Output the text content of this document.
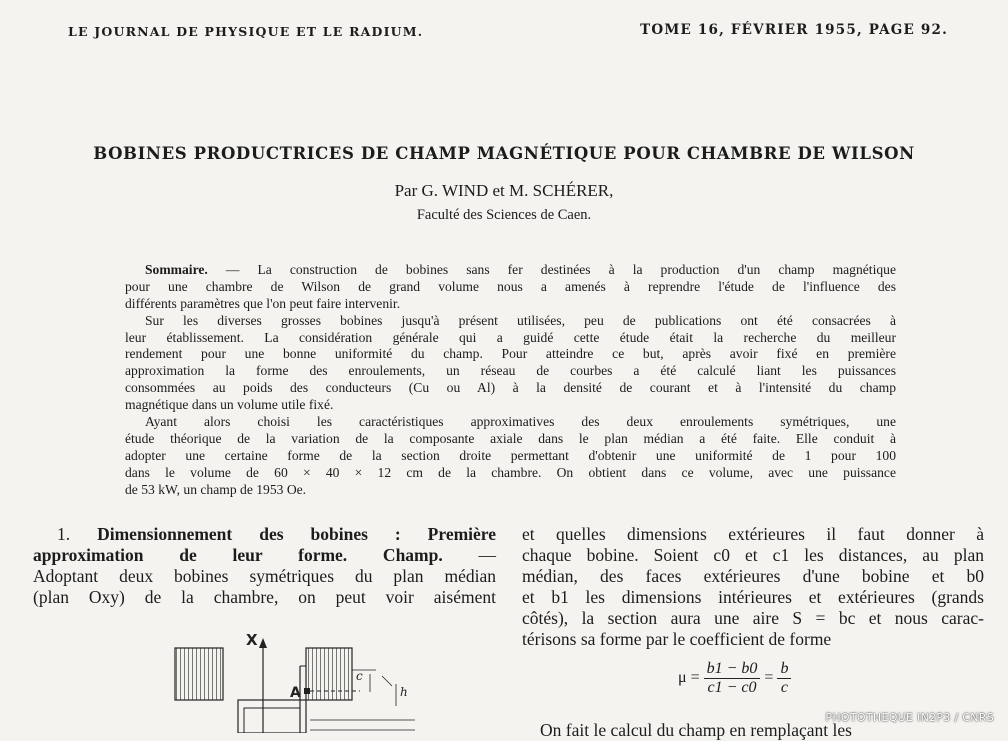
LE JOURNAL DE PHYSIQUE ET LE RADIUM.	TOME 16, FÉVRIER 1955, PAGE 92.
BOBINES PRODUCTRICES DE CHAMP MAGNÉTIQUE POUR CHAMBRE DE WILSON
Par G. WIND et M. SCHÉRER,
Faculté des Sciences de Caen.
Sommaire. — La construction de bobines sans fer destinées à la production d'un champ magnétique
pour une chambre de Wilson de grand volume nous a amenés à reprendre l'étude de l'influence des
différents paramètres que l'on peut faire intervenir.
Sur les diverses grosses bobines jusqu'à présent utilisées, peu de publications ont été consacrées à
leur établissement. La considération générale qui a guidé cette étude était la recherche du meilleur
rendement pour une bonne uniformité du champ. Pour atteindre ce but, après avoir fixé en première
approximation la forme des enroulements, un réseau de courbes a été calculé liant les puissances
consommées au poids des conducteurs (Cu ou Al) à la densité de courant et à l'intensité du champ
magnétique dans un volume utile fixé.
Ayant alors choisi les caractéristiques approximatives des deux enroulements symétriques, une
étude théorique de la variation de la composante axiale dans le plan médian a été faite. Elle conduit à
adopter une certaine forme de la section droite permettant d'obtenir une uniformité de 1 pour 100
dans le volume de 60 × 40 × 12 cm de la chambre. On obtient dans ce volume, avec une puissance
de 53 kW, un champ de 1953 Oe.
1. Dimensionnement des bobines : Première
approximation de leur forme. Champ. —
Adoptant deux bobines symétriques du plan médian
(plan Oxy) de la chambre, on peut voir aisément
et quelles dimensions extérieures il faut donner à
chaque bobine. Soient c0 et c1 les distances, au plan
médian, des faces extérieures d'une bobine et b0
et b1 les dimensions intérieures et extérieures (grands
côtés), la section aura une aire S = bc et nous carac-
térisons sa forme par le coefficient de forme
$\mu = \frac{b1 - b0}{c1 - c0} = \frac{b}{c}$
On fait le calcul du champ en remplaçant les
X
A
c
h
PHOTOTHEQUE IN2P3 / CNRS
